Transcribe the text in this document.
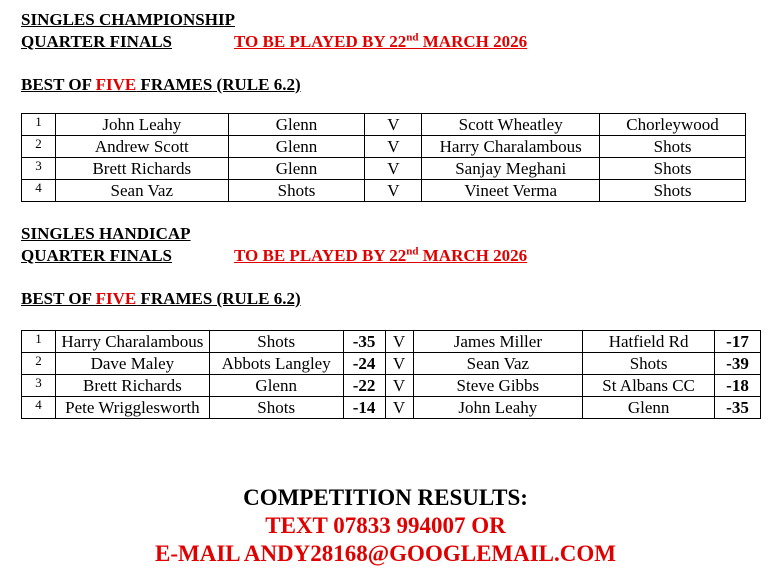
SINGLES CHAMPIONSHIP
QUARTER FINALS	TO BE PLAYED BY 22nd MARCH 2026
BEST OF FIVE FRAMES (RULE 6.2)
1	John Leahy	Glenn	V	Scott Wheatley	Chorleywood
2	Andrew Scott	Glenn	V	Harry Charalambous	Shots
3	Brett Richards	Glenn	V	Sanjay Meghani	Shots
4	Sean Vaz	Shots	V	Vineet Verma	Shots
SINGLES HANDICAP
QUARTER FINALS	TO BE PLAYED BY 22nd MARCH 2026
BEST OF FIVE FRAMES (RULE 6.2)
1	Harry Charalambous	Shots	-35	V	James Miller	Hatfield Rd	-17
2	Dave Maley	Abbots Langley	-24	V	Sean Vaz	Shots	-39
3	Brett Richards	Glenn	-22	V	Steve Gibbs	St Albans CC	-18
4	Pete Wrigglesworth	Shots	-14	V	John Leahy	Glenn	-35
COMPETITION RESULTS:
TEXT 07833 994007 OR
E-MAIL ANDY28168@GOOGLEMAIL.COM
